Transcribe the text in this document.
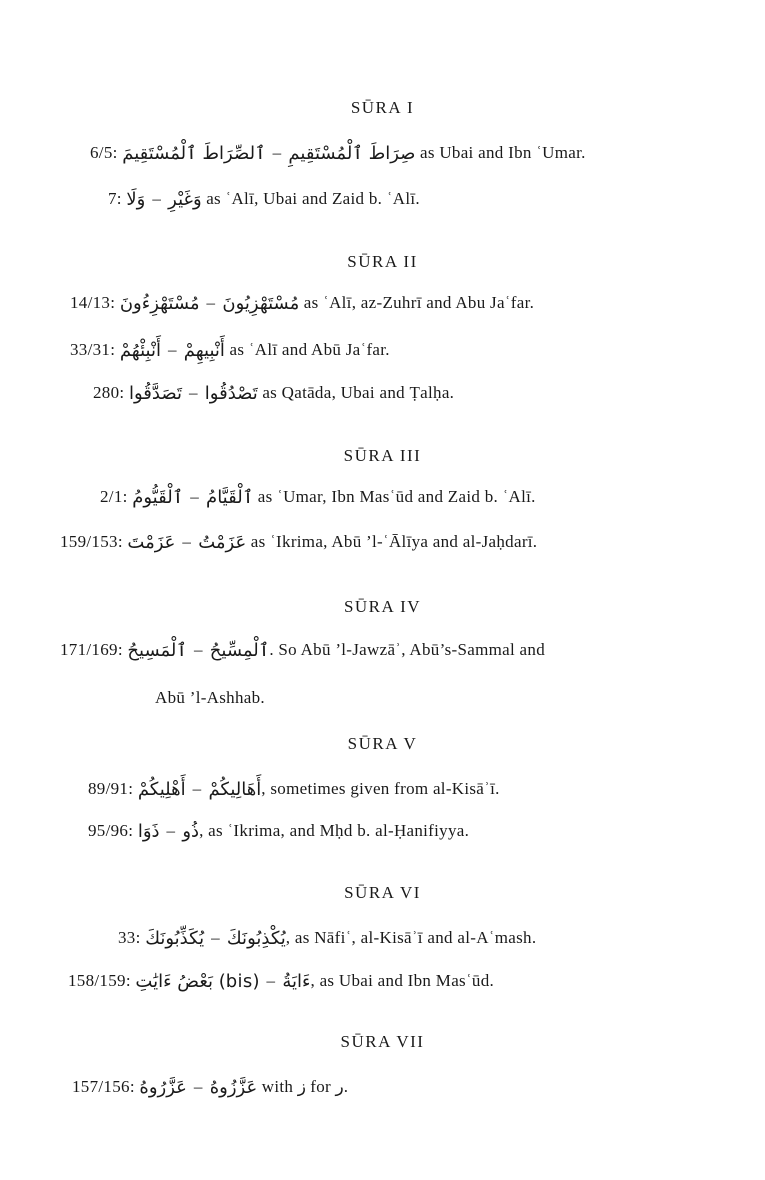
SŪRA I
6/5: ٱلصِّرَاطَ ٱلْمُسْتَقِيمَ – صِرَاطَ ٱلْمُسْتَقِيمِ as Ubai and Ibn ʿUmar.
7: وَلَا – وَغَيْرِ as ʿAlī, Ubai and Zaid b. ʿAlī.
SŪRA II
14/13: مُسْتَهْزِءُونَ – مُسْتَهْزِيُونَ as ʿAlī, az-Zuhrī and Abu Jaʿfar.
33/31: أَنْبِئْهُمْ – أَنْبِيهِمْ as ʿAlī and Abū Jaʿfar.
280: تَصَدَّقُوا – تَصْدُقُوا as Qatāda, Ubai and Ṭalḥa.
SŪRA III
2/1: ٱلْقَيُّومُ – ٱلْقَيَّامُ as ʿUmar, Ibn Masʿūd and Zaid b. ʿAlī.
159/153: عَزَمْتَ – عَزَمْتُ as ʿIkrima, Abū ’l-ʿĀlīya and al-Jaḥdarī.
SŪRA IV
171/169: ٱلْمَسِيحُ – ٱلْمِسِّيحُ. So Abū ’l-Jawzāʾ, Abū’s-Sammal and
Abū ’l-Ashhab.
SŪRA V
89/91: أَهْلِيكُمْ – أَهَالِيكُمْ, sometimes given from al-Kisāʾī.
95/96: ذَوَا – ذُو, as ʿIkrima, and Mḥd b. al-Ḥanifiyya.
SŪRA VI
33: يُكَذِّبُونَكَ – يُكْذِبُونَكَ, as Nāfiʿ, al-Kisāʾī and al-Aʿmash.
158/159: بَعْضُ ءَايَٰتِ (bis) – ءَايَةُ, as Ubai and Ibn Masʿūd.
SŪRA VII
157/156: عَزَّرُوهُ – عَزَّزُوهُ with ز for ر.
